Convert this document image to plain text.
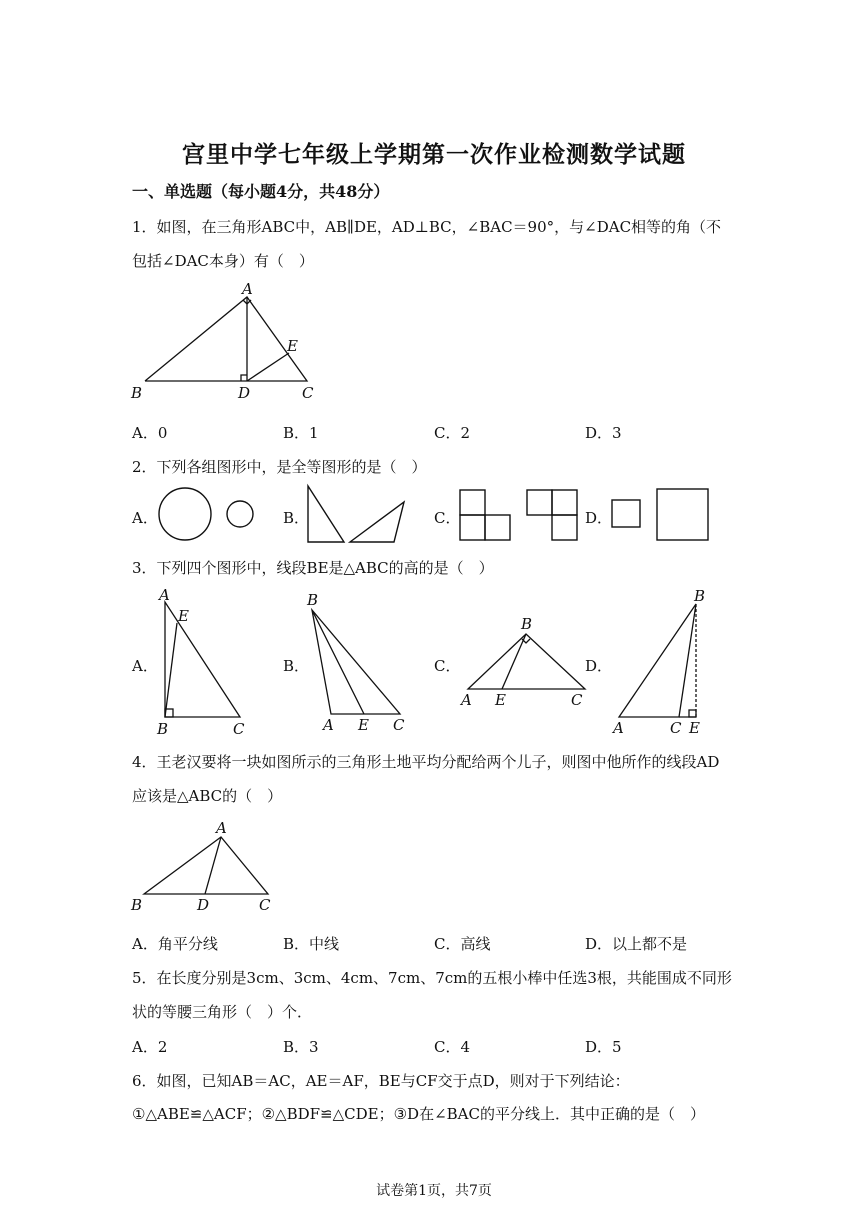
宫里中学七年级上学期第一次作业检测数学试题
一、单选题（每小题4分，共48分）
1．如图，在三角形ABC中，AB∥DE，AD⊥BC，∠BAC＝90°，与∠DAC相等的角（不
包括∠DAC本身）有（　）
A
B	D	C
E
A．0	B．1	C．2	D．3
2．下列各组图形中，是全等图形的是（　）
A．	B．	C．	D．
3．下列四个图形中，线段BE是△ABC的高的是（　）
A．
A
E
B	C
B．
B
A E C
C．
B
A E	C
D．
B
A	C E
4．王老汉要将一块如图所示的三角形土地平均分配给两个儿子，则图中他所作的线段AD
应该是△ABC的（　）
A
B	D	C
A．角平分线	B．中线	C．高线	D．以上都不是
5．在长度分别是3cm、3cm、4cm、7cm、7cm的五根小棒中任选3根，共能围成不同形
状的等腰三角形（　）个．
A．2	B．3	C．4	D．5
6．如图，已知AB＝AC，AE＝AF，BE与CF交于点D，则对于下列结论：
①△ABE≌△ACF；②△BDF≌△CDE；③D在∠BAC的平分线上．其中正确的是（　）
试卷第1页，共7页
